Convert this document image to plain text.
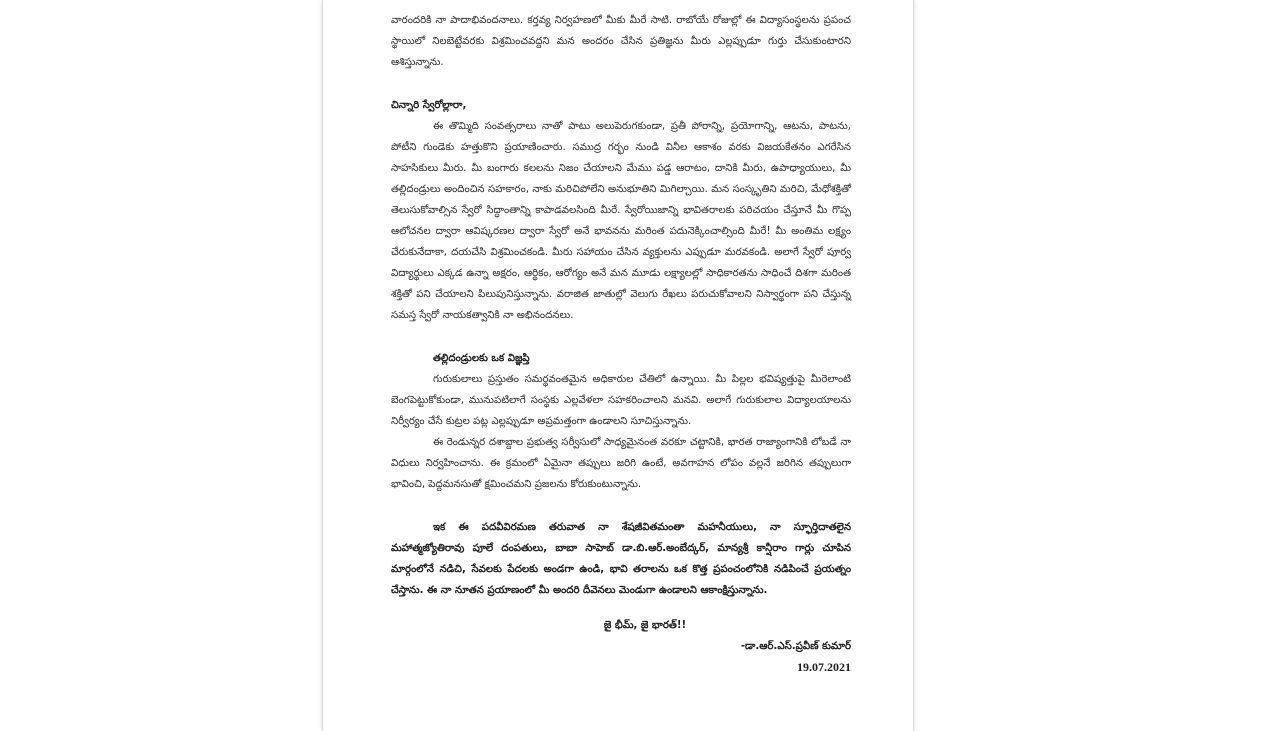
వారందరికి నా పాదాభివందనాలు. కర్తవ్య నిర్వహణలో మీకు మీరే సాటి. రాబోయే రోజుల్లో ఈ విద్యాసంస్థలను ప్రపంచ స్థాయిలో నిలబెట్టేవరకు విశ్రమించవద్దని మన అందరం చేసిన ప్రతిజ్ఞను మీరు ఎల్లప్పుడూ గుర్తు చేసుకుంటారని ఆశిస్తున్నాను.

చిన్నారి స్వేరోల్లారా,

ఈ తొమ్మిది సంవత్సరాలు నాతో పాటు అలుపెరుగకుండా, ప్రతీ పోరాన్ని, ప్రయోగాన్ని, ఆటను, పాటను, పోటీని గుండెకు హత్తుకొని ప్రయాణించారు. సముద్ర గర్భం నుండి వినీల ఆకాశం వరకు విజయకేతనం ఎగరేసిన సాహసికులు మీరు. మీ బంగారు కలలను నిజం చేయాలని మేము పడ్డ ఆరాటం, దానికి మీరు, ఉపాధ్యాయులు, మీ తల్లిదండ్రులు అందించిన సహకారం, నాకు మరిచిపోలేని అనుభూతిని మిగిల్చాయి. మన సంస్కృతిని మరిచి, మేధోశక్తితో తెలుసుకోవాల్సిన స్వేరో సిద్ధాంతాన్ని కాపాడవలసింది మీరే. స్వేరోయిజాన్ని భావితరాలకు పరిచయం చేస్తూనే మీ గొప్ప ఆలోచనల ద్వారా ఆవిష్కరణల ద్వారా స్వేరో అనే భావనను మరింత పదునెక్కించాల్సింది మీరే! మీ అంతిమ లక్ష్యం చేరుకునేదాకా, దయచేసి విశ్రమించకండి. మీరు సహాయం చేసిన వ్యక్తులను ఎప్పుడూ మరవకండి. అలాగే స్వేరో పూర్వ విద్యార్థులు ఎక్కడ ఉన్నా అక్షరం, ఆర్థికం, ఆరోగ్యం అనే మన మూడు లక్ష్యాలల్లో సాధికారతను సాధించే దిశగా మరింత శక్తితో పని చేయాలని పిలుపునిస్తున్నాను. వరాజిత జాతుల్లో వెలుగు రేఖలు పరుచుకోవాలని నిస్వార్థంగా పని చేస్తున్న సమస్త స్వేరో నాయకత్వానికి నా అభినందనలు.

తల్లిదండ్రులకు ఒక విజ్ఞప్తి

గురుకులాలు ప్రస్తుతం సమర్థవంతమైన అధికారుల చేతిలో ఉన్నాయి. మీ పిల్లల భవిష్యత్తుపై మీరెలాంటి బెంగపెట్టుకోకుండా, మునుపటిలాగే సంస్థకు ఎల్లవేళలా సహకరించాలని మనవి. అలాగే గురుకులాల విద్యాలయాలను నిర్వీర్యం చేసే కుట్రల పట్ల ఎల్లప్పుడూ అప్రమత్తంగా ఉండాలని సూచిస్తున్నాను.

ఈ రెండున్నర దశాబ్దాల ప్రభుత్వ సర్వీసులో సాధ్యమైనంత వరకూ చట్టానికి, భారత రాజ్యాంగానికి లోబడే నా విధులు నిర్వహించాను. ఈ క్రమంలో ఏమైనా తప్పులు జరిగి ఉంటే, అవగాహన లోపం వల్లనే జరిగిన తప్పులుగా భావించి, పెద్దమనసుతో క్షమించమని ప్రజలను కోరుకుంటున్నాను.

ఇక ఈ పదవీవిరమణ తరువాత నా శేషజీవితమంతా మహనీయులు, నా స్ఫూర్తిదాతలైన మహాత్మజ్యోతిరావు పూలే దంపతులు, బాబా సాహెబ్ డా.బి.ఆర్.అంబేద్కర్, మాన్యశ్రీ కాన్షీరాం గార్లు చూపిన మార్గంలోనే నడిచి, సేవలకు పేదలకు అండగా ఉండి, భావి తరాలను ఒక కొత్త ప్రపంచంలోనికి నడిపించే ప్రయత్నం చేస్తాను. ఈ నా నూతన ప్రయాణంలో మీ అందరి దీవెనలు మెండుగా ఉండాలని ఆకాంక్షిస్తున్నాను.

జై భీమ్, జై భారత్!!

-డా.ఆర్.ఎస్.ప్రవీణ్ కుమార్

19.07.2021
